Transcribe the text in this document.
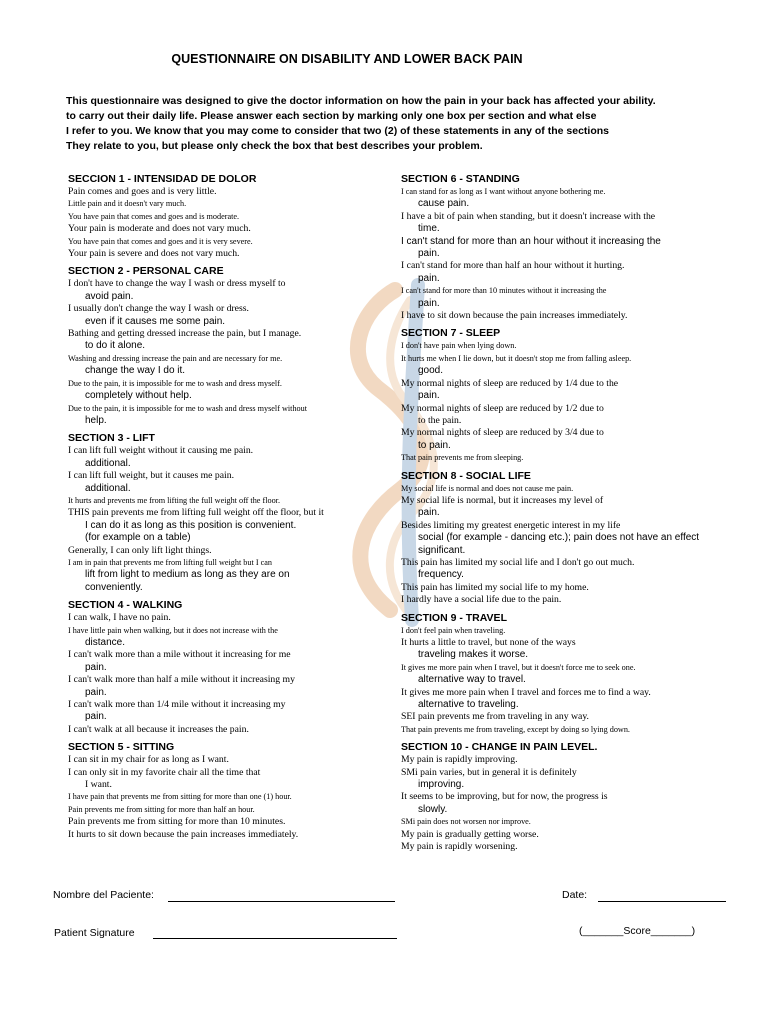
QUESTIONNAIRE ON DISABILITY AND LOWER BACK PAIN
This questionnaire was designed to give the doctor information on how the pain in your back has affected your ability.
to carry out their daily life. Please answer each section by marking only one box per section and what else
I refer to you. We know that you may come to consider that two (2) of these statements in any of the sections
They relate to you, but please only check the box that best describes your problem.
SECCION 1 - INTENSIDAD DE DOLOR
Pain comes and goes and is very little.
Little pain and it doesn't vary much.
You have pain that comes and goes and is moderate.
Your pain is moderate and does not vary much.
You have pain that comes and goes and it is very severe.
Your pain is severe and does not vary much.
SECTION 2 - PERSONAL CARE
I don't have to change the way I wash or dress myself to
avoid pain.
I usually don't change the way I wash or dress.
even if it causes me some pain.
Bathing and getting dressed increase the pain, but I manage.
to do it alone.
Washing and dressing increase the pain and are necessary for me.
change the way I do it.
Due to the pain, it is impossible for me to wash and dress myself.
completely without help.
Due to the pain, it is impossible for me to wash and dress myself without
help.
SECTION 3 - LIFT
I can lift full weight without it causing me pain.
additional.
I can lift full weight, but it causes me pain.
additional.
It hurts and prevents me from lifting the full weight off the floor.
THIS pain prevents me from lifting full weight off the floor, but it
I can do it as long as this position is convenient.
(for example on a table)
Generally, I can only lift light things.
I am in pain that prevents me from lifting full weight but I can
lift from light to medium as long as they are on
conveniently.
SECTION 4 - WALKING
I can walk, I have no pain.
I have little pain when walking, but it does not increase with the
distance.
I can't walk more than a mile without it increasing for me
pain.
I can't walk more than half a mile without it increasing my
pain.
I can't walk more than 1/4 mile without it increasing my
pain.
I can't walk at all because it increases the pain.
SECTION 5 - SITTING
I can sit in my chair for as long as I want.
I can only sit in my favorite chair all the time that
I want.
I have pain that prevents me from sitting for more than one (1) hour.
Pain prevents me from sitting for more than half an hour.
Pain prevents me from sitting for more than 10 minutes.
It hurts to sit down because the pain increases immediately.
SECTION 6 - STANDING
I can stand for as long as I want without anyone bothering me.
cause pain.
I have a bit of pain when standing, but it doesn't increase with the
time.
I can't stand for more than an hour without it increasing the
pain.
I can't stand for more than half an hour without it hurting.
pain.
I can't stand for more than 10 minutes without it increasing the
pain.
I have to sit down because the pain increases immediately.
SECTION 7 - SLEEP
I don't have pain when lying down.
It hurts me when I lie down, but it doesn't stop me from falling asleep.
good.
My normal nights of sleep are reduced by 1/4 due to the
pain.
My normal nights of sleep are reduced by 1/2 due to
to the pain.
My normal nights of sleep are reduced by 3/4 due to
to pain.
That pain prevents me from sleeping.
SECTION 8 - SOCIAL LIFE
My social life is normal and does not cause me pain.
My social life is normal, but it increases my level of
pain.
Besides limiting my greatest energetic interest in my life
social (for example - dancing etc.); pain does not have an effect
significant.
This pain has limited my social life and I don't go out much.
frequency.
This pain has limited my social life to my home.
I hardly have a social life due to the pain.
SECTION 9 - TRAVEL
I don't feel pain when traveling.
It hurts a little to travel, but none of the ways
traveling makes it worse.
It gives me more pain when I travel, but it doesn't force me to seek one.
alternative way to travel.
It gives me more pain when I travel and forces me to find a way.
alternative to traveling.
SEI pain prevents me from traveling in any way.
That pain prevents me from traveling, except by doing so lying down.
SECTION 10 - CHANGE IN PAIN LEVEL.
My pain is rapidly improving.
SMi pain varies, but in general it is definitely
improving.
It seems to be improving, but for now, the progress is
slowly.
SMi pain does not worsen nor improve.
My pain is gradually getting worse.
My pain is rapidly worsening.
Nombre del Paciente:	Date:
Patient Signature	(_______Score_______)
